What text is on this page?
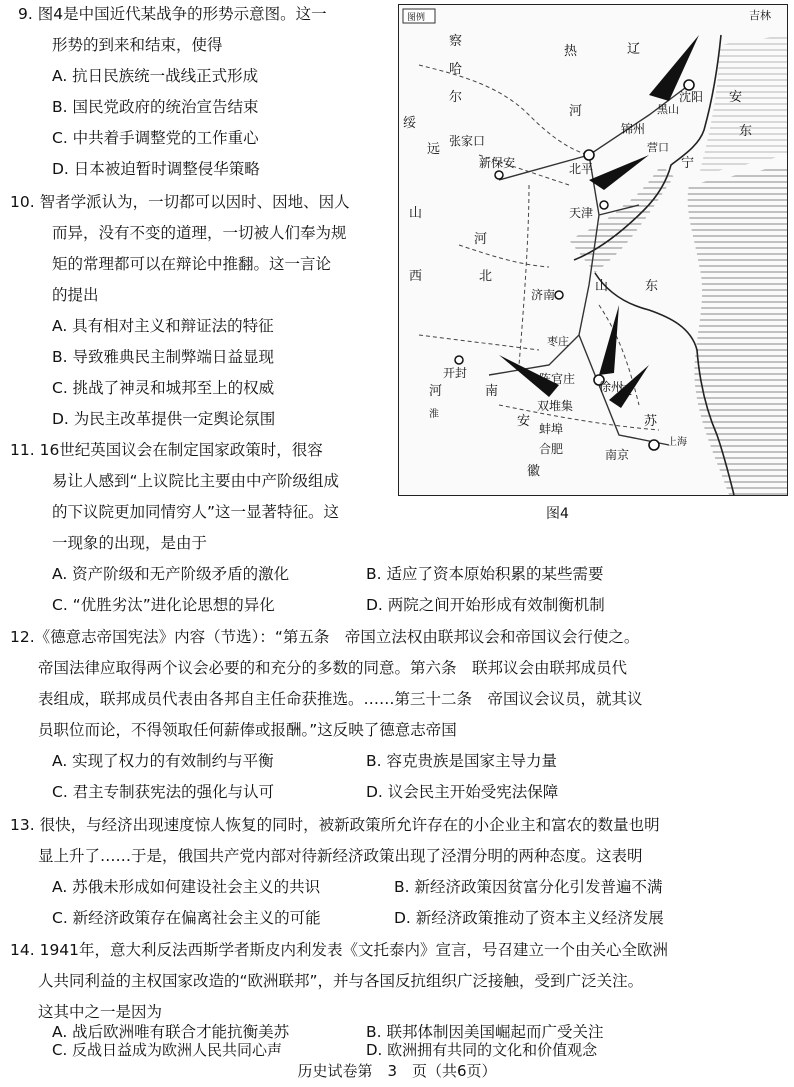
9. 图4是中国近代某战争的形势示意图。这一
形势的到来和结束，使得
A. 抗日民族统一战线正式形成
B. 国民党政府的统治宣告结束
C. 中共着手调整党的工作重心
D. 日本被迫暂时调整侵华策略
10. 智者学派认为，一切都可以因时、因地、因人
而异，没有不变的道理，一切被人们奉为规
矩的常理都可以在辩论中推翻。这一言论
的提出
A. 具有相对主义和辩证法的特征
B. 导致雅典民主制弊端日益显现
C. 挑战了神灵和城邦至上的权威
D. 为民主改革提供一定舆论氛围
11. 16世纪英国议会在制定国家政策时，很容
易让人感到“上议院比主要由中产阶级组成
的下议院更加同情穷人”这一显著特征。这
一现象的出现，是由于
A. 资产阶级和无产阶级矛盾的激化	B. 适应了资本原始积累的某些需要
C. “优胜劣汰”进化论思想的异化	D. 两院之间开始形成有效制衡机制
12.《德意志帝国宪法》内容（节选）：“第五条　帝国立法权由联邦议会和帝国议会行使之。
帝国法律应取得两个议会必要的和充分的多数的同意。第六条　联邦议会由联邦成员代
表组成，联邦成员代表由各邦自主任命获推选。……第三十二条　帝国议会议员，就其议
员职位而论，不得领取任何薪俸或报酬。”这反映了德意志帝国
A. 实现了权力的有效制约与平衡	B. 容克贵族是国家主导力量
C. 君主专制获宪法的强化与认可	D. 议会民主开始受宪法保障
13. 很快，与经济出现速度惊人恢复的同时，被新政策所允许存在的小企业主和富农的数量也明
显上升了……于是，俄国共产党内部对待新经济政策出现了泾渭分明的两种态度。这表明
A. 苏俄未形成如何建设社会主义的共识	B. 新经济政策因贫富分化引发普遍不满
C. 新经济政策存在偏离社会主义的可能	D. 新经济政策推动了资本主义经济发展
14. 1941年，意大利反法西斯学者斯皮内利发表《文托泰内》宣言，号召建立一个由关心全欧洲
人共同利益的主权国家改造的“欧洲联邦”，并与各国反抗组织广泛接触，受到广泛关注。
这其中之一是因为
A. 战后欧洲唯有联合才能抗衡美苏	B. 联邦体制因美国崛起而广受关注
C. 反战日益成为欧洲人民共同心声	D. 欧洲拥有共同的文化和价值观念
图例	吉林
察
哈
尔
热
河
绥
远
张家口
新保安	北平
天津
山
西
河
北
济南
山	东
开封	陈官庄
徐州
双堆集
蚌埠
合肥	南京
上海
沈阳
锦州
黑山
营口
辽
宁
安
东
河	南	江
苏
安
徽
枣庄
淮
图4
历史试卷第　3　页（共6页）
